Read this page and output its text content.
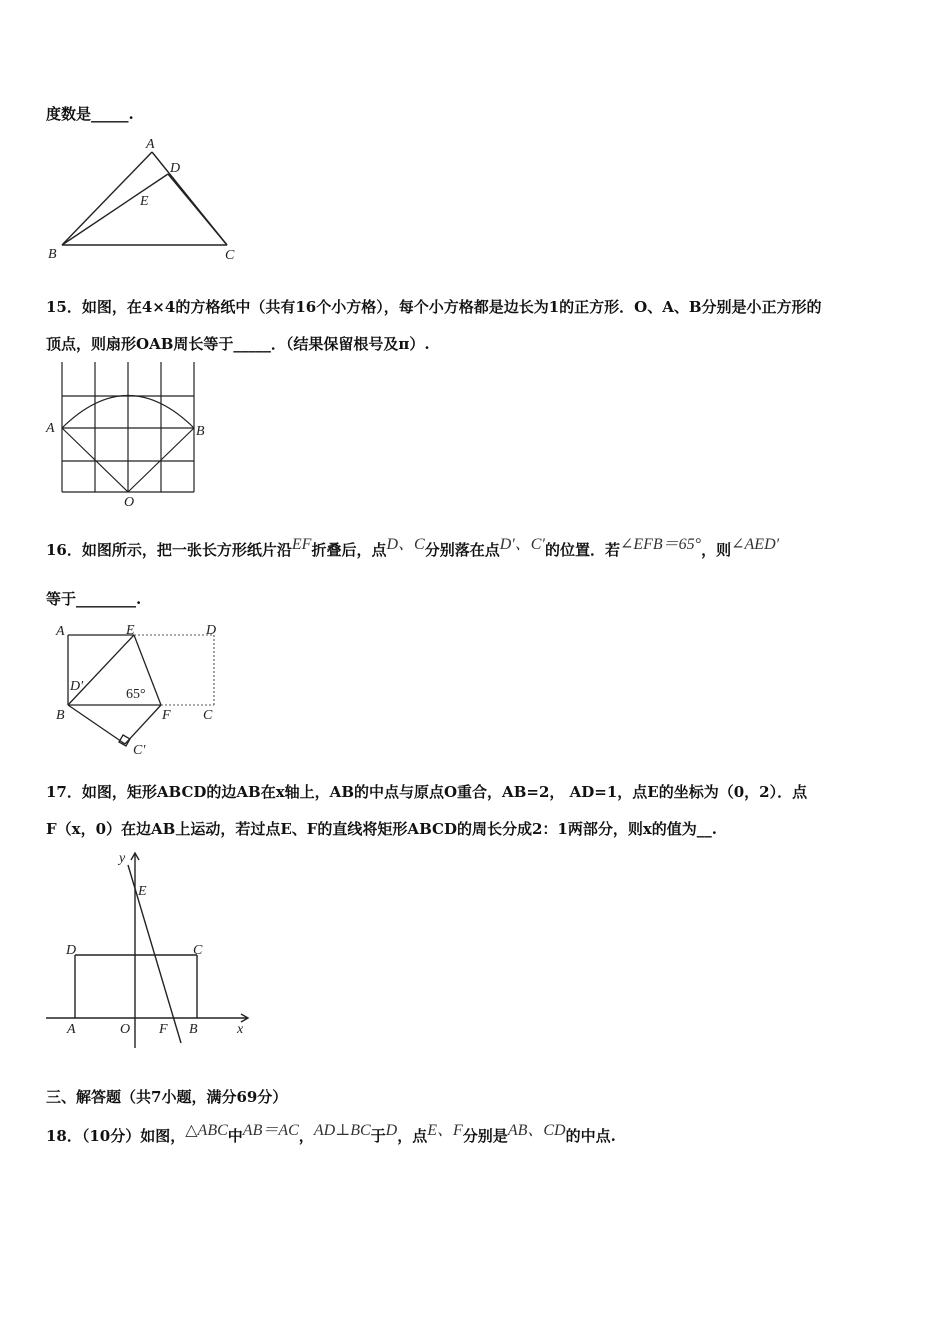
度数是_____.
A
D
E
B	C
15．如图，在4×4的方格纸中（共有16个小方格），每个小方格都是边长为1的正方形．O、A、B分别是小正方形的
顶点，则扇形OAB周长等于_____．（结果保留根号及π）.
A	B
O
16．如图所示，把一张长方形纸片沿EF折叠后，点D、C分别落在点D′、C′的位置．若∠EFB＝65°，则∠AED′
等于________.
A	E	D
D′
65°
B	F C
C′
17．如图，矩形ABCD的边AB在x轴上，AB的中点与原点O重合，AB=2， AD=1，点E的坐标为（0，2）．点
F（x，0）在边AB上运动，若过点E、F的直线将矩形ABCD的周长分成2：1两部分，则x的值为__.
y
E
D	C
A	O F B	x
三、解答题（共7小题，满分69分）
18．（10分）如图，△ABC中AB＝AC，AD⊥BC于D，点E、F分别是AB、CD的中点.
